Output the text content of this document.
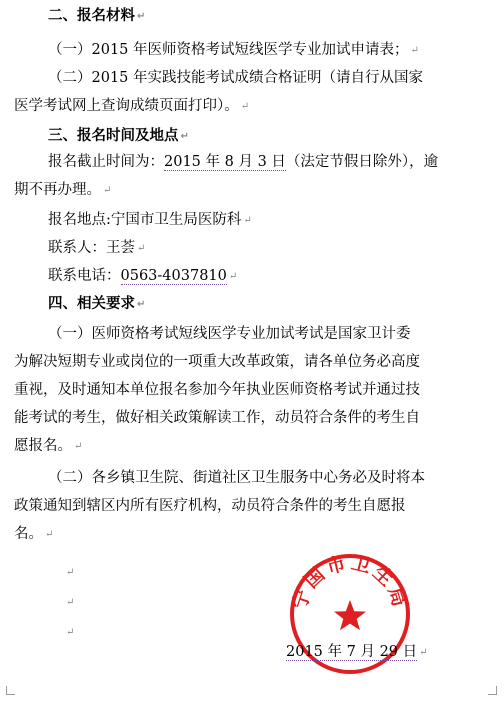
二、报名材料 ↵
（一）2015 年医师资格考试短线医学专业加试申请表； ↵
（二）2015 年实践技能考试成绩合格证明（请自行从国家
医学考试网上查询成绩页面打印）。 ↵
三、报名时间及地点 ↵
报名截止时间为：2015 年 8 月 3 日（法定节假日除外），逾
期不再办理。 ↵
报名地点:宁国市卫生局医防科 ↵
联系人：王荟 ↵
联系电话：0563-4037810 ↵
四、相关要求 ↵
（一）医师资格考试短线医学专业加试考试是国家卫计委
为解决短期专业或岗位的一项重大改革政策，请各单位务必高度
重视，及时通知本单位报名参加今年执业医师资格考试并通过技
能考试的考生，做好相关政策解读工作，动员符合条件的考生自
愿报名。 ↵
（二）各乡镇卫生院、街道社区卫生服务中心务必及时将本
政策通知到辖区内所有医疗机构，动员符合条件的考生自愿报
名。 ↵
↵
↵
↵
宁国市卫生局
2015 年 7 月 29 日 ↵
